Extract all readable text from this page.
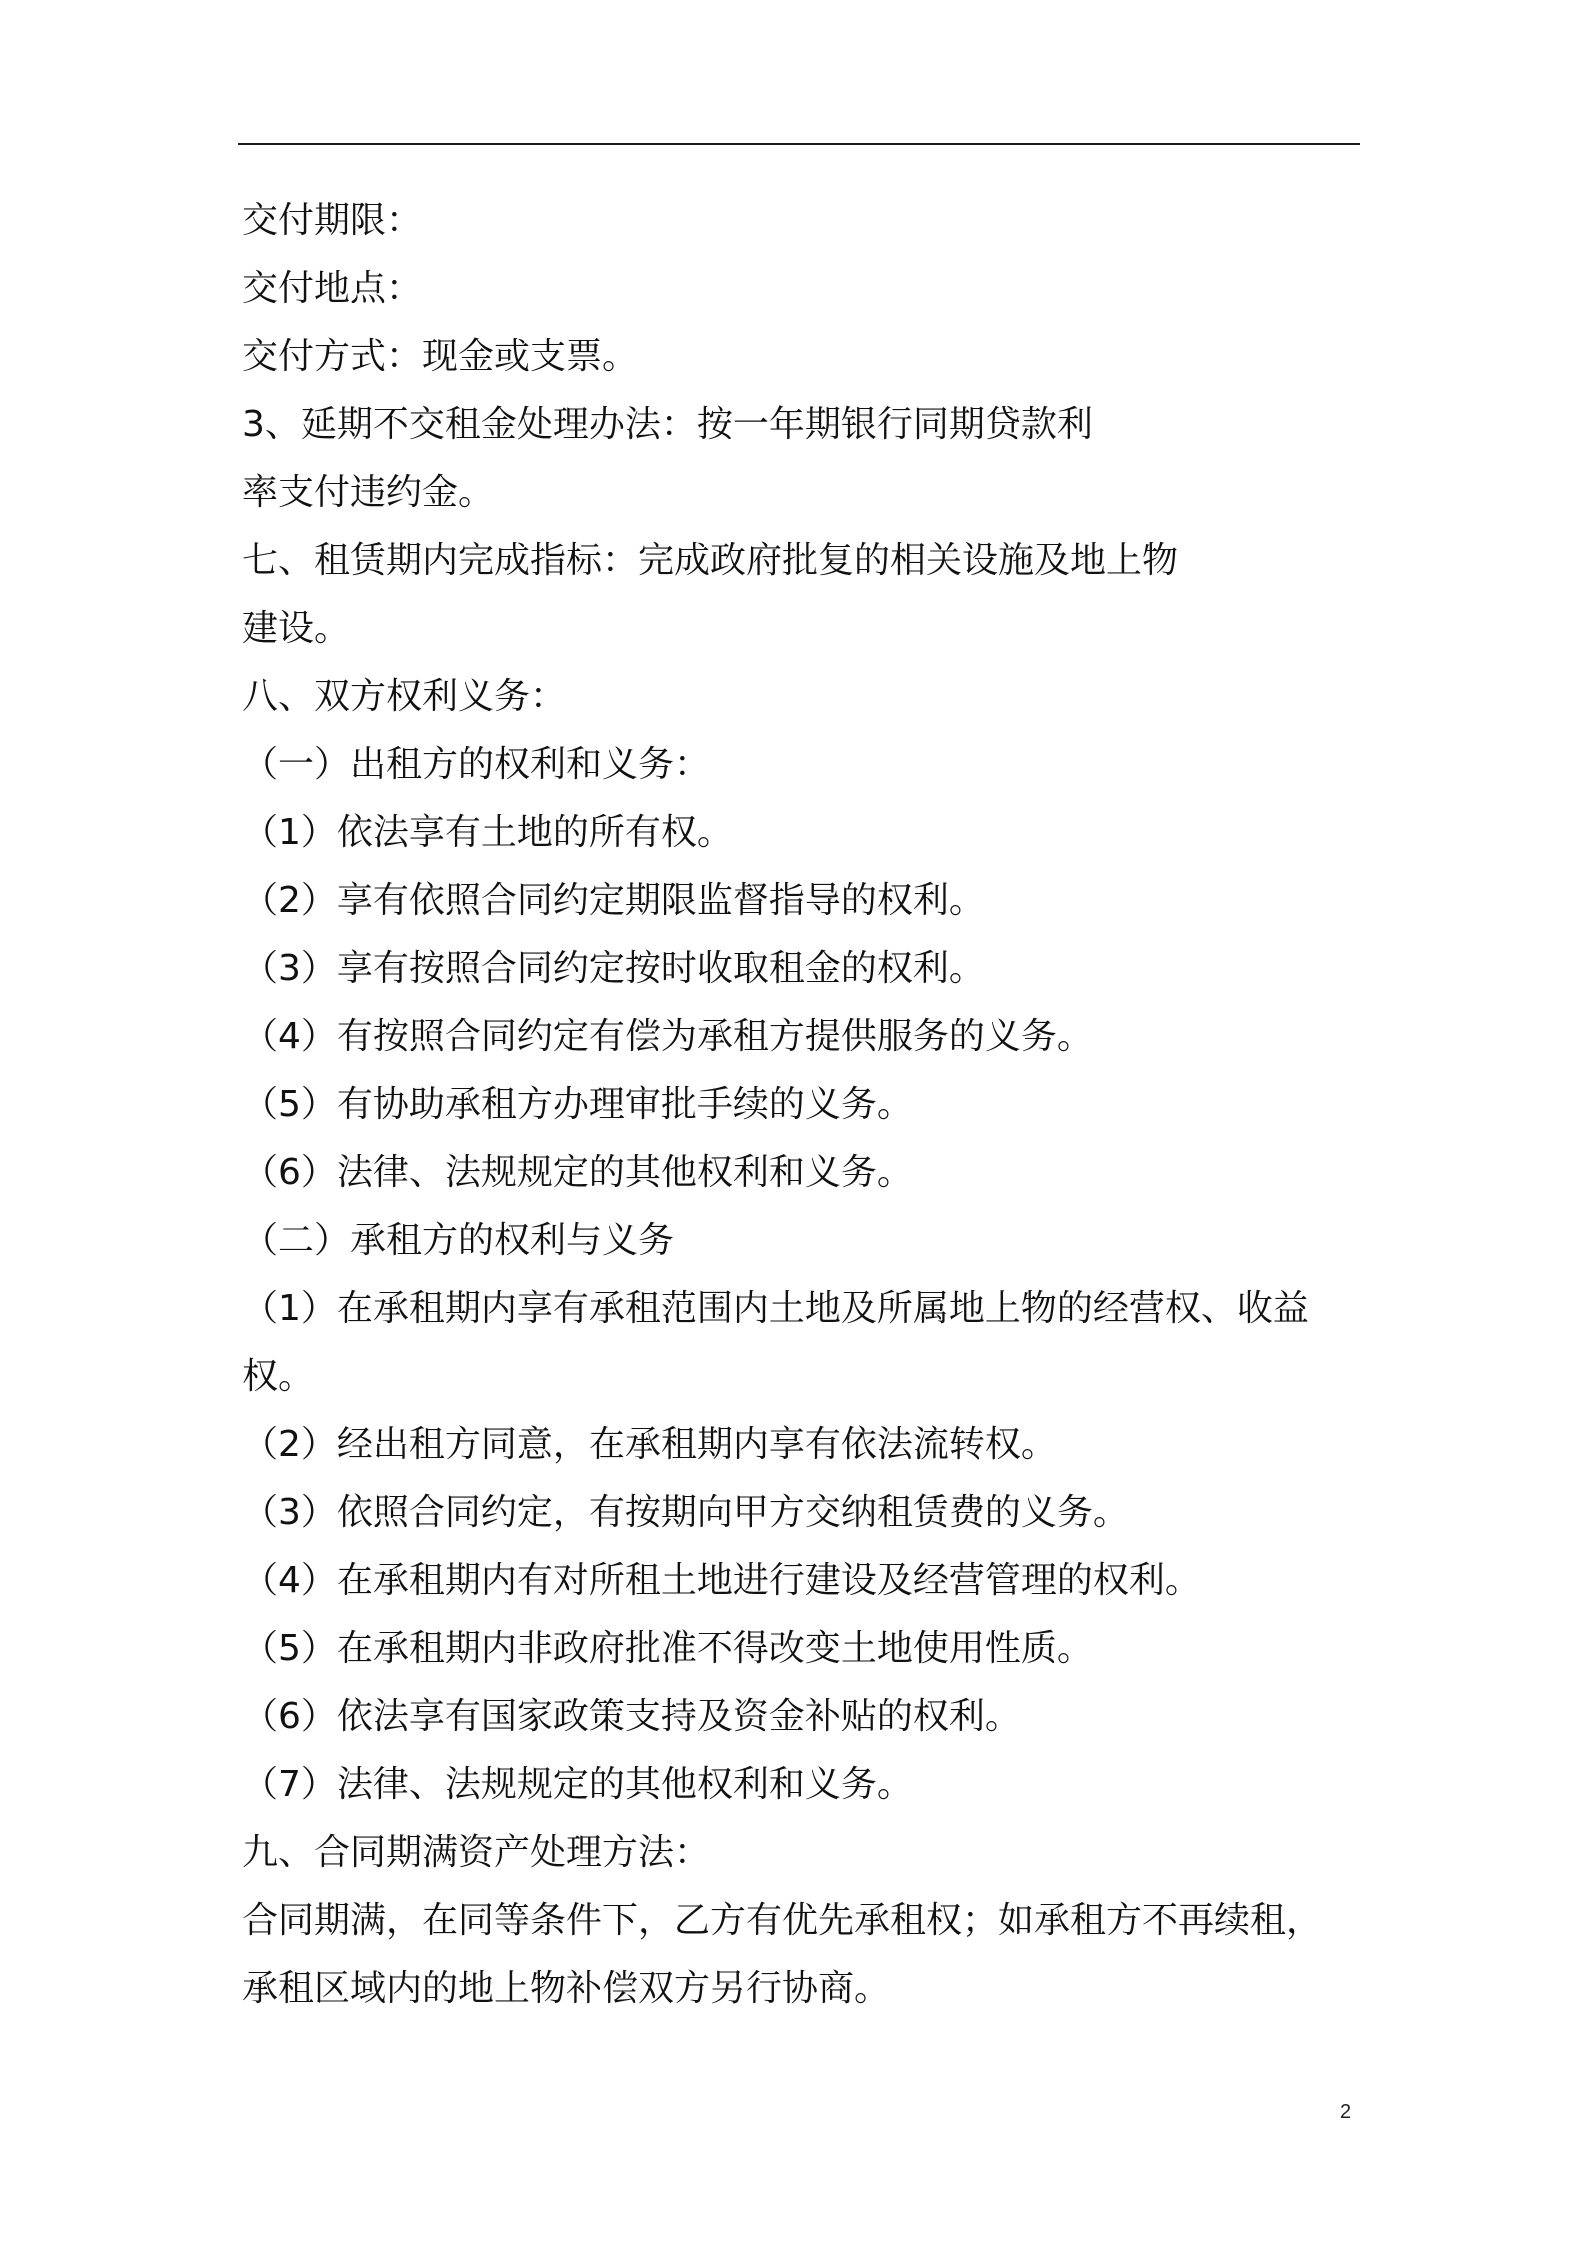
交付期限：
交付地点：
交付方式：现金或支票。
3、延期不交租金处理办法：按一年期银行同期贷款利
率支付违约金。
七、租赁期内完成指标：完成政府批复的相关设施及地上物
建设。
八、双方权利义务：
（一）出租方的权利和义务：
（1）依法享有土地的所有权。
（2）享有依照合同约定期限监督指导的权利。
（3）享有按照合同约定按时收取租金的权利。
（4）有按照合同约定有偿为承租方提供服务的义务。
（5）有协助承租方办理审批手续的义务。
（6）法律、法规规定的其他权利和义务。
（二）承租方的权利与义务
（1）在承租期内享有承租范围内土地及所属地上物的经营权、收益
权。
（2）经出租方同意，在承租期内享有依法流转权。
（3）依照合同约定，有按期向甲方交纳租赁费的义务。
（4）在承租期内有对所租土地进行建设及经营管理的权利。
（5）在承租期内非政府批准不得改变土地使用性质。
（6）依法享有国家政策支持及资金补贴的权利。
（7）法律、法规规定的其他权利和义务。
九、合同期满资产处理方法：
合同期满，在同等条件下，乙方有优先承租权；如承租方不再续租，
承租区域内的地上物补偿双方另行协商。
2
